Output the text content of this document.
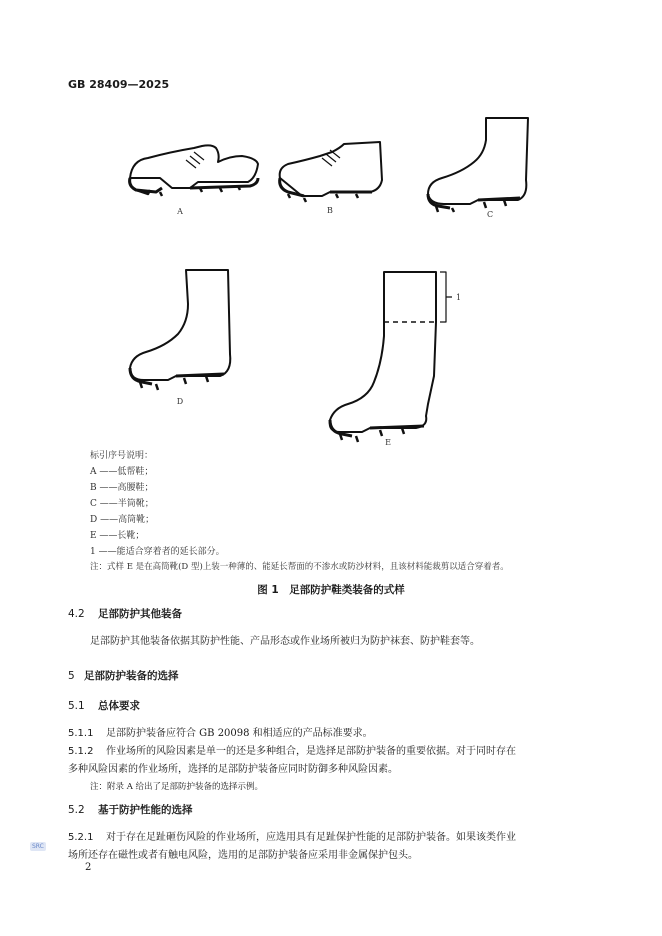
GB 28409—2025
A	B	C
D
E
1
标引序号说明：
A ——低帮鞋；
B ——高腰鞋；
C ——半筒靴；
D ——高筒靴；
E ——长靴；
1 ——能适合穿着者的延长部分。
注：式样 E 是在高筒靴(D 型)上装一种薄的、能延长帮面的不渗水或防沙材料，且该材料能裁剪以适合穿着者。
图 1　足部防护鞋类装备的式样
4.2 足部防护其他装备
足部防护其他装备依据其防护性能、产品形态或作业场所被归为防护袜套、防护鞋套等。
5 足部防护装备的选择
5.1 总体要求
5.1.1 足部防护装备应符合 GB 20098 和相适应的产品标准要求。
5.1.2 作业场所的风险因素是单一的还是多种组合，是选择足部防护装备的重要依据。对于同时存在
多种风险因素的作业场所，选择的足部防护装备应同时防御多种风险因素。
注：附录 A 给出了足部防护装备的选择示例。
5.2 基于防护性能的选择
5.2.1 对于存在足趾砸伤风险的作业场所，应选用具有足趾保护性能的足部防护装备。如果该类作业
场所还存在磁性或者有触电风险，选用的足部防护装备应采用非金属保护包头。
SRC
2
